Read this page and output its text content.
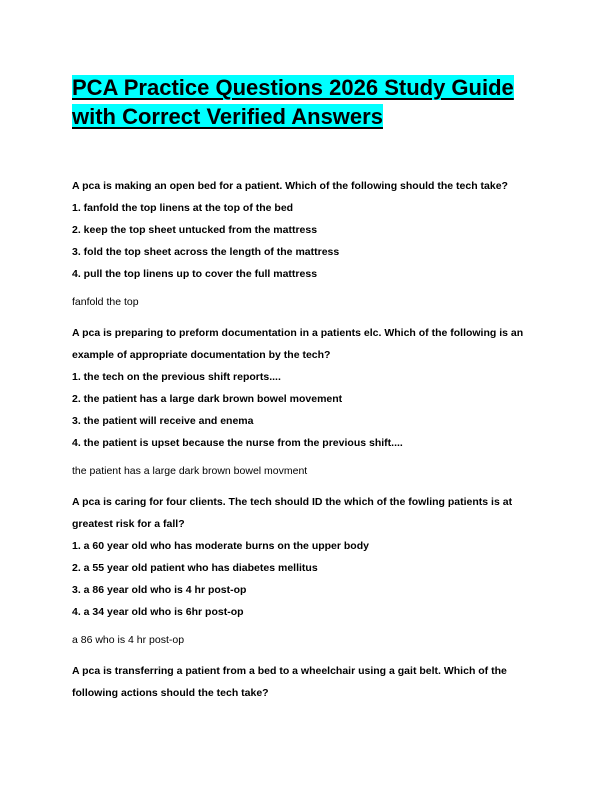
PCA Practice Questions 2026 Study Guide with Correct Verified Answers

A pca is making an open bed for a patient. Which of the following should the tech take?

1. fanfold the top linens at the top of the bed

2. keep the top sheet untucked from the mattress

3. fold the top sheet across the length of the mattress

4. pull the top linens up to cover the full mattress

fanfold the top

A pca is preparing to preform documentation in a patients elc. Which of the following is an example of appropriate documentation by the tech?

1. the tech on the previous shift reports....

2. the patient has a large dark brown bowel movement

3. the patient will receive and enema

4. the patient is upset because the nurse from the previous shift....

the patient has a large dark brown bowel movment

A pca is caring for four clients. The tech should ID the which of the fowling patients is at greatest risk for a fall?

1. a 60 year old who has moderate burns on the upper body

2. a 55 year old patient who has diabetes mellitus

3. a 86 year old who is 4 hr post-op

4. a 34 year old who is 6hr post-op

a 86 who is 4 hr post-op

A pca is transferring a patient from a bed to a wheelchair using a gait belt. Which of the following actions should the tech take?
